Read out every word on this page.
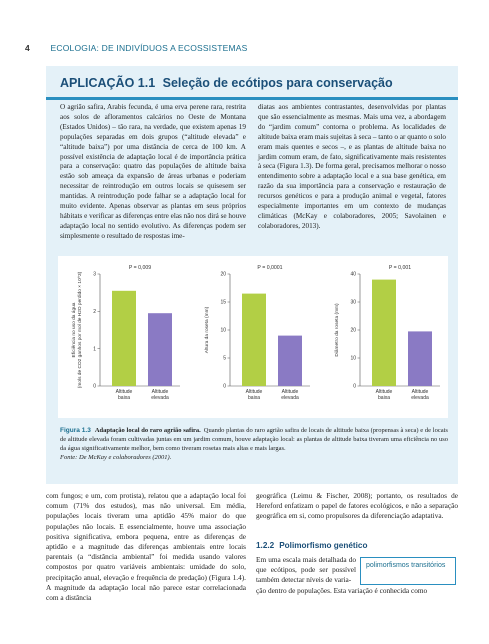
4 ECOLOGIA: DE INDIVÍDUOS A ECOSSISTEMAS
APLICAÇÃO 1.1 Seleção de ecótipos para conservação
O agrião safira, Arabis fecunda, é uma erva perene rara, restrita aos solos de afloramentos calcários no Oeste de Montana (Estados Unidos) – tão rara, na verdade, que existem apenas 19 populações separadas em dois grupos (“altitude elevada” e “altitude baixa”) por uma distância de cerca de 100 km. A possível existência de adaptação local é de importância prática para a conservação: quatro das populações de altitude baixa estão sob ameaça da expansão de áreas urbanas e poderiam necessitar de reintrodução em outros locais se quisesem ser mantidas. A reintrodução pode falhar se a adaptação local for muito evidente. Apenas observar as plantas em seus próprios hábitats e verificar as diferenças entre elas não nos dirá se houve adaptação local no sentido evolutivo. As diferenças podem ser simplesmente o resultado de respostas ime-
diatas aos ambientes contrastantes, desenvolvidas por plantas que são essencialmente as mesmas. Mais uma vez, a abordagem do “jardim comum” contorna o problema. As localidades de altitude baixa eram mais sujeitas à seca – tanto o ar quanto o solo eram mais quentes e secos –, e as plantas de altitude baixa no jardim comum eram, de fato, significativamente mais resistentes à seca (Figura 1.3). De forma geral, precisamos melhorar o nosso entendimento sobre a adaptação local e a sua base genética, em razão da sua importância para a conservação e restauração de recursos genéticos e para a produção animal e vegetal, fatores especialmente importantes em um contexto de mudanças climáticas (McKay e colaboradores, 2005; Savolainen e colaboradores, 2013).
0
1
2
3
Eficiência no uso da água(mols de CO2 ganhos por mol de H2O perdido × 10^3)
P = 0,009
Altitude
baixa
Altitude
elevada
0
5
10
15
20
Altura da roseta (mm)
P = 0,0001
Altitude
baixa
Altitude
elevada
0
10
20
30
40
Diâmetro da roseta (mm)
P = 0,001
Altitude
baixa
Altitude
elevada
Figura 1.3 Adaptação local do raro agrião safira. Quando plantas do raro agrião safira de locais de altitude baixa (propensas à seca) e de locais de altitude elevada foram cultivadas juntas em um jardim comum, houve adaptação local: as plantas de altitude baixa tiveram uma eficiência no uso da água significativamente melhor, bem como tiveram rosetas mais altas e mais largas.
Fonte: De McKay e colaboradores (2001).
com fungos; e um, com protista), relatou que a adaptação local foi comum (71% dos estudos), mas não universal. Em média, populações locais tiveram uma aptidão 45% maior do que populações não locais. E essencialmente, houve uma associação positiva significativa, embora pequena, entre as diferenças de aptidão e a magnitude das diferenças ambientais entre locais parentais (a “distância ambiental” foi medida usando valores compostos por quatro variáveis ambientais: umidade do solo, precipitação anual, elevação e frequência de predação) (Figura 1.4). A magnitude da adaptação local não parece estar correlacionada com a distância
geográfica (Leimu & Fischer, 2008); portanto, os resultados de Hereford enfatizam o papel de fatores ecológicos, e não a separação geográfica em si, como propulsores da diferenciação adaptativa.
1.2.2 Polimorfismo genético
Em uma escala mais detalhada do que ecótipos, pode ser possível também detectar níveis de varia-
polimorfismos transitórios
ção dentro de populações. Esta variação é conhecida como
